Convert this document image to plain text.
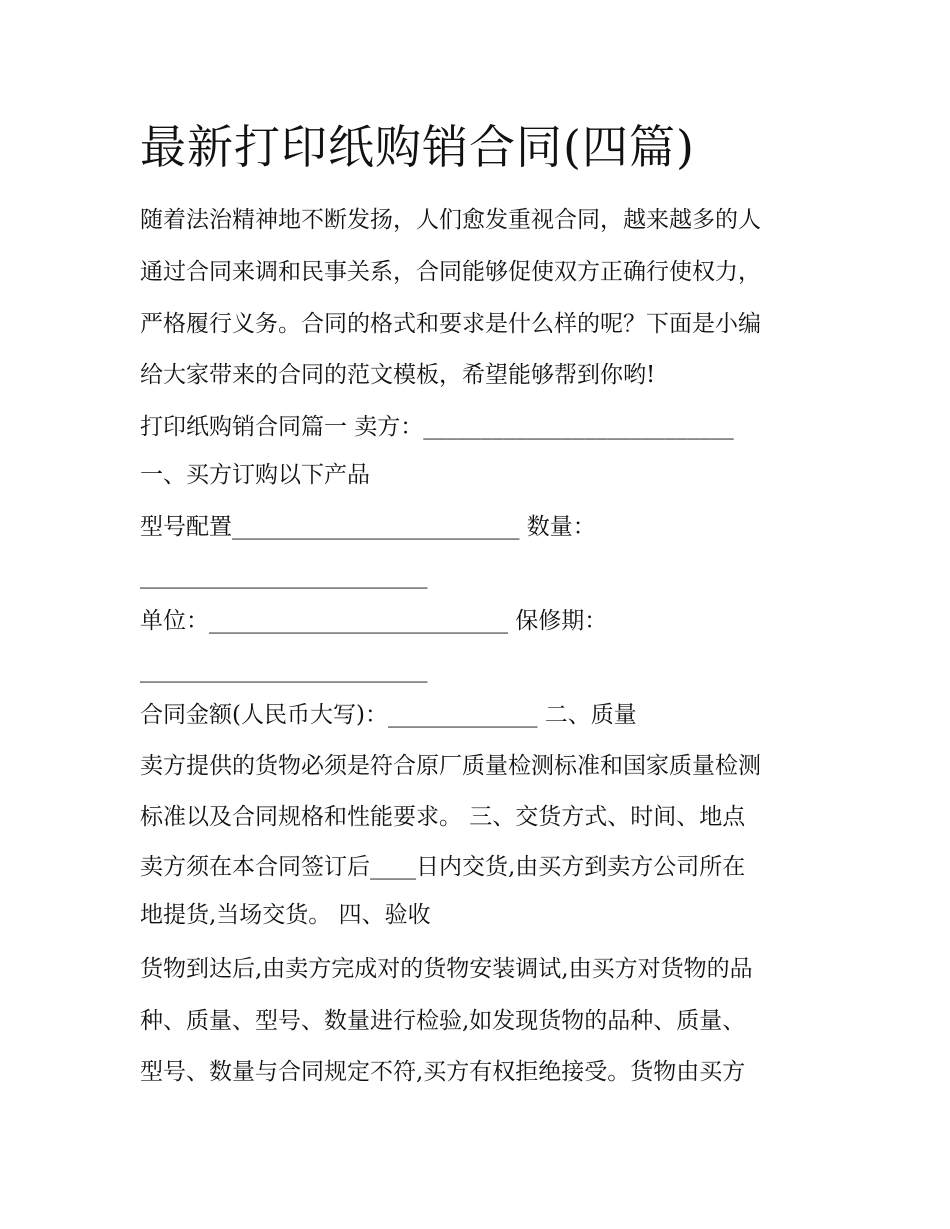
最新打印纸购销合同(四篇)
随着法治精神地不断发扬，人们愈发重视合同，越来越多的人
通过合同来调和民事关系，合同能够促使双方正确行使权力，
严格履行义务。合同的格式和要求是什么样的呢？下面是小编
给大家带来的合同的范文模板，希望能够帮到你哟!
打印纸购销合同篇一 卖方：___________________________
一、买方订购以下产品
型号配置_________________________ 数量：
_________________________
单位：__________________________ 保修期：
_________________________
合同金额(人民币大写)：_____________ 二、质量
卖方提供的货物必须是符合原厂质量检测标准和国家质量检测
标准以及合同规格和性能要求。 三、交货方式、时间、地点
卖方须在本合同签订后____日内交货,由买方到卖方公司所在
地提货,当场交货。 四、验收
货物到达后,由卖方完成对的货物安装调试,由买方对货物的品
种、质量、型号、数量进行检验,如发现货物的品种、质量、
型号、数量与合同规定不符,买方有权拒绝接受。货物由买方
